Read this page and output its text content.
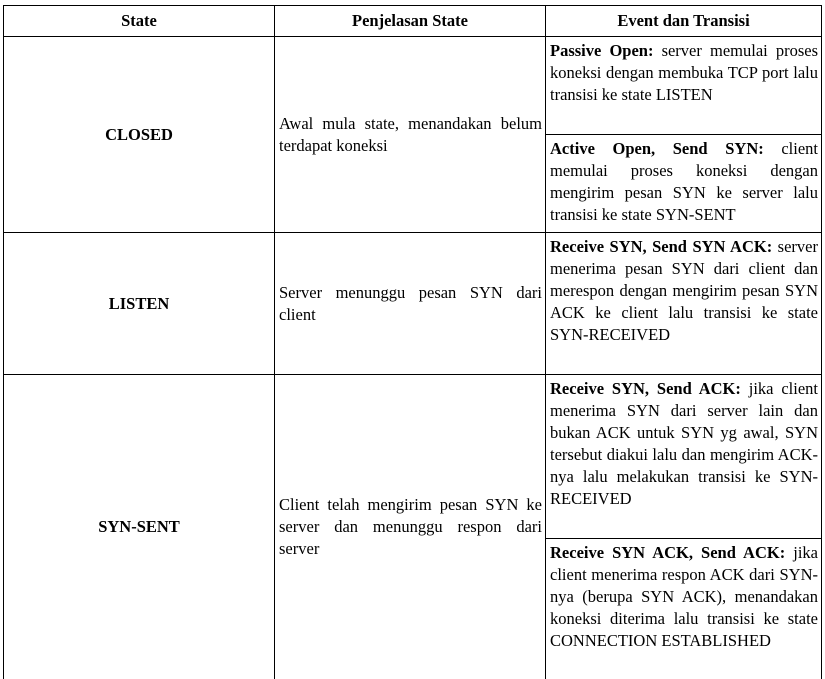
State	Penjelasan State	Event dan Transisi
CLOSED	Awal mula state, menandakan belum terdapat koneksi	Passive Open: server memulai proses koneksi dengan membuka TCP port lalu transisi ke state LISTEN
		Active Open, Send SYN: client memulai proses koneksi dengan mengirim pesan SYN ke server lalu transisi ke state SYN-SENT
LISTEN	Server menunggu pesan SYN dari client	Receive SYN, Send SYN ACK: server menerima pesan SYN dari client dan merespon dengan mengirim pesan SYN ACK ke client lalu transisi ke state SYN-RECEIVED
SYN-SENT	Client telah mengirim pesan SYN ke server dan menunggu respon dari server	Receive SYN, Send ACK: jika client menerima SYN dari server lain dan bukan ACK untuk SYN yg awal, SYN tersebut diakui lalu dan mengirim ACK-nya lalu melakukan transisi ke SYN-RECEIVED
		Receive SYN ACK, Send ACK: jika client menerima respon ACK dari SYN-nya (berupa SYN ACK), menandakan koneksi diterima lalu transisi ke state CONNECTION ESTABLISHED
